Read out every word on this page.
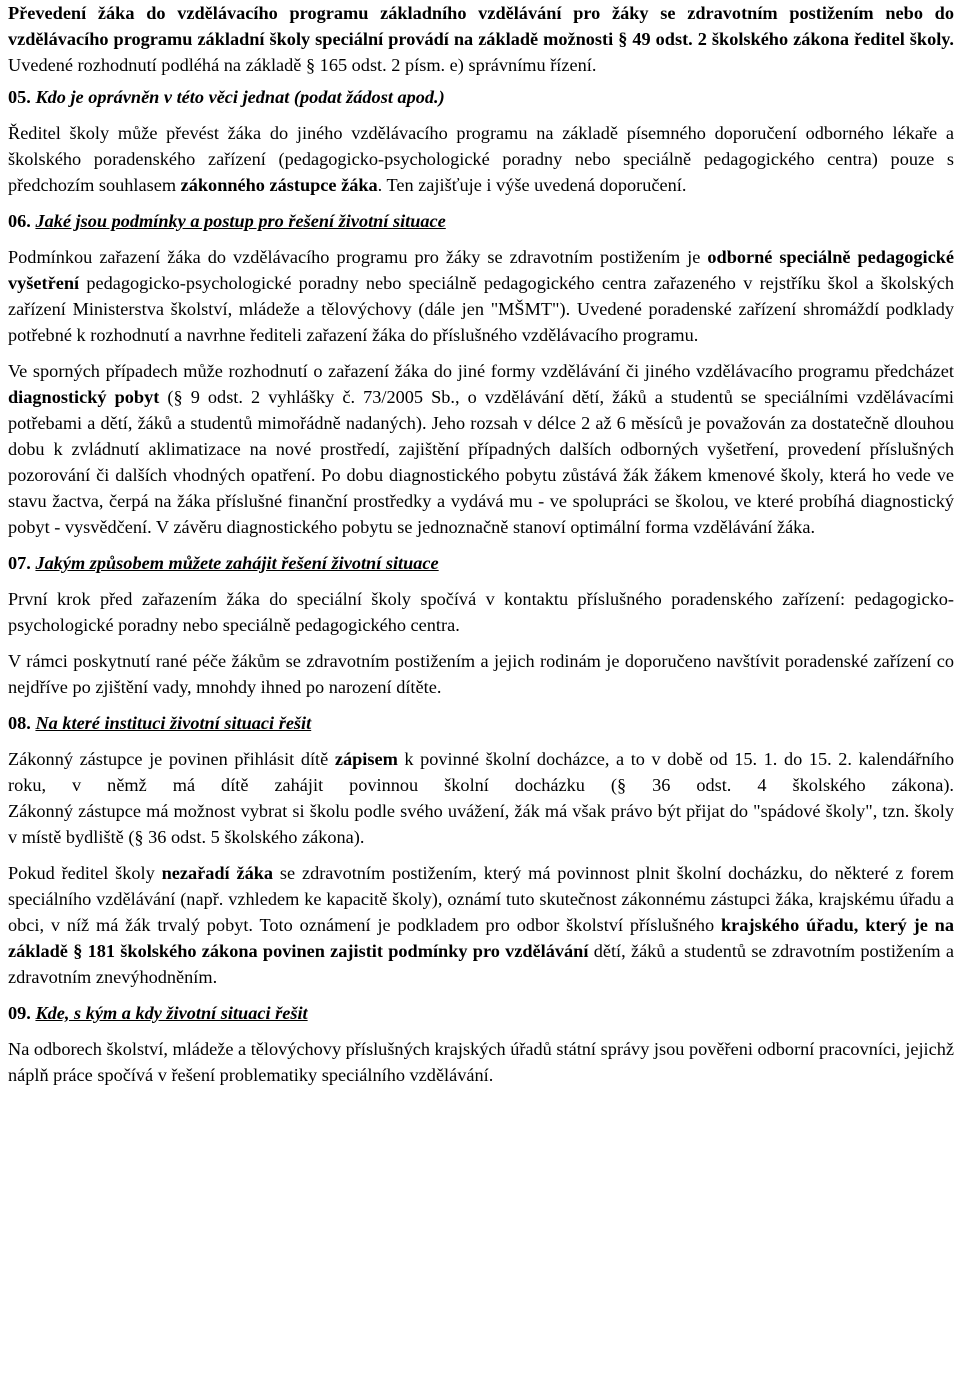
Převedení žáka do vzdělávacího programu základního vzdělávání pro žáky se zdravotním postižením nebo do vzdělávacího programu základní školy speciální provádí na základě možnosti § 49 odst. 2 školského zákona ředitel školy. Uvedené rozhodnutí podléhá na základě § 165 odst. 2 písm. e) správnímu řízení.

05. Kdo je oprávněn v této věci jednat (podat žádost apod.)

Ředitel školy může převést žáka do jiného vzdělávacího programu na základě písemného doporučení odborného lékaře a školského poradenského zařízení (pedagogicko-psychologické poradny nebo speciálně pedagogického centra) pouze s předchozím souhlasem zákonného zástupce žáka. Ten zajišťuje i výše uvedená doporučení.

06. Jaké jsou podmínky a postup pro řešení životní situace

Podmínkou zařazení žáka do vzdělávacího programu pro žáky se zdravotním postižením je odborné speciálně pedagogické vyšetření pedagogicko-psychologické poradny nebo speciálně pedagogického centra zařazeného v rejstříku škol a školských zařízení Ministerstva školství, mládeže a tělovýchovy (dále jen "MŠMT"). Uvedené poradenské zařízení shromáždí podklady potřebné k rozhodnutí a navrhne řediteli zařazení žáka do příslušného vzdělávacího programu.

Ve sporných případech může rozhodnutí o zařazení žáka do jiné formy vzdělávání či jiného vzdělávacího programu předcházet diagnostický pobyt (§ 9 odst. 2 vyhlášky č. 73/2005 Sb., o vzdělávání dětí, žáků a studentů se speciálními vzdělávacími potřebami a dětí, žáků a studentů mimořádně nadaných). Jeho rozsah v délce 2 až 6 měsíců je považován za dostatečně dlouhou dobu k zvládnutí aklimatizace na nové prostředí, zajištění případných dalších odborných vyšetření, provedení příslušných pozorování či dalších vhodných opatření. Po dobu diagnostického pobytu zůstává žák žákem kmenové školy, která ho vede ve stavu žactva, čerpá na žáka příslušné finanční prostředky a vydává mu - ve spolupráci se školou, ve které probíhá diagnostický pobyt - vysvědčení. V závěru diagnostického pobytu se jednoznačně stanoví optimální forma vzdělávání žáka.

07. Jakým způsobem můžete zahájit řešení životní situace

První krok před zařazením žáka do speciální školy spočívá v kontaktu příslušného poradenského zařízení: pedagogicko-psychologické poradny nebo speciálně pedagogického centra.

V rámci poskytnutí rané péče žákům se zdravotním postižením a jejich rodinám je doporučeno navštívit poradenské zařízení co nejdříve po zjištění vady, mnohdy ihned po narození dítěte.

08. Na které instituci životní situaci řešit

Zákonný zástupce je povinen přihlásit dítě zápisem k povinné školní docházce, a to v době od 15. 1. do 15. 2. kalendářního roku, v němž má dítě zahájit povinnou školní docházku (§ 36 odst. 4 školského zákona).

Zákonný zástupce má možnost vybrat si školu podle svého uvážení, žák má však právo být přijat do "spádové školy", tzn. školy v místě bydliště (§ 36 odst. 5 školského zákona).

Pokud ředitel školy nezařadí žáka se zdravotním postižením, který má povinnost plnit školní docházku, do některé z forem speciálního vzdělávání (např. vzhledem ke kapacitě školy), oznámí tuto skutečnost zákonnému zástupci žáka, krajskému úřadu a obci, v níž má žák trvalý pobyt. Toto oznámení je podkladem pro odbor školství příslušného krajského úřadu, který je na základě § 181 školského zákona povinen zajistit podmínky pro vzdělávání dětí, žáků a studentů se zdravotním postižením a zdravotním znevýhodněním.

09. Kde, s kým a kdy životní situaci řešit

Na odborech školství, mládeže a tělovýchovy příslušných krajských úřadů státní správy jsou pověřeni odborní pracovníci, jejichž náplň práce spočívá v řešení problematiky speciálního vzdělávání.
